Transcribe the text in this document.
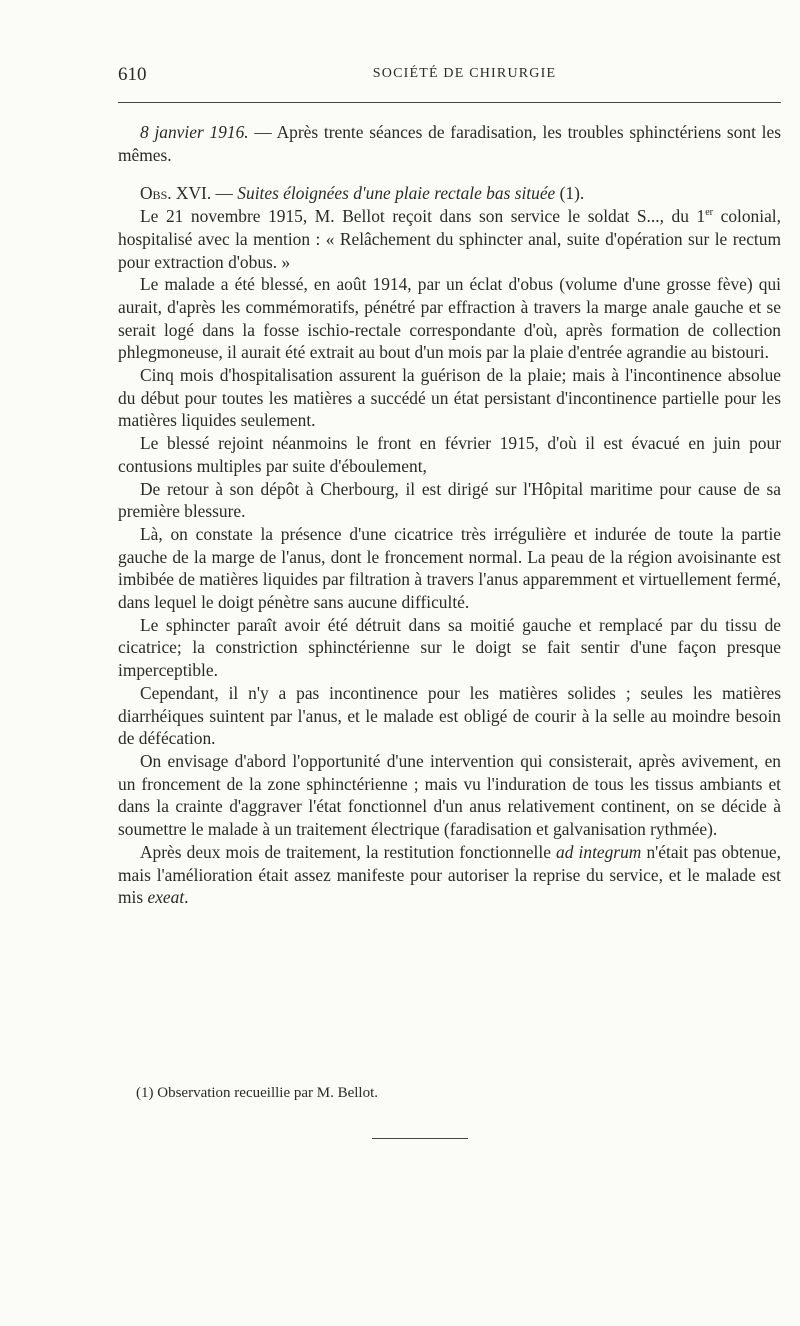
610	SOCIÉTÉ DE CHIRURGIE

8 janvier 1916. — Après trente séances de faradisation, les troubles sphinctériens sont les mêmes.

Obs. XVI. — Suites éloignées d'une plaie rectale bas située (1).

Le 21 novembre 1915, M. Bellot reçoit dans son service le soldat S..., du 1er colonial, hospitalisé avec la mention : « Relâchement du sphincter anal, suite d'opération sur le rectum pour extraction d'obus. »

Le malade a été blessé, en août 1914, par un éclat d'obus (volume d'une grosse fève) qui aurait, d'après les commémoratifs, pénétré par effraction à travers la marge anale gauche et se serait logé dans la fosse ischio-rectale correspondante d'où, après formation de collection phlegmoneuse, il aurait été extrait au bout d'un mois par la plaie d'entrée agrandie au bistouri.

Cinq mois d'hospitalisation assurent la guérison de la plaie; mais à l'incontinence absolue du début pour toutes les matières a succédé un état persistant d'incontinence partielle pour les matières liquides seulement.

Le blessé rejoint néanmoins le front en février 1915, d'où il est évacué en juin pour contusions multiples par suite d'éboulement,

De retour à son dépôt à Cherbourg, il est dirigé sur l'Hôpital maritime pour cause de sa première blessure.

Là, on constate la présence d'une cicatrice très irrégulière et indurée de toute la partie gauche de la marge de l'anus, dont le froncement normal. La peau de la région avoisinante est imbibée de matières liquides par filtration à travers l'anus apparemment et virtuellement fermé, dans lequel le doigt pénètre sans aucune difficulté.

Le sphincter paraît avoir été détruit dans sa moitié gauche et remplacé par du tissu de cicatrice; la constriction sphinctérienne sur le doigt se fait sentir d'une façon presque imperceptible.

Cependant, il n'y a pas incontinence pour les matières solides ; seules les matières diarrhéiques suintent par l'anus, et le malade est obligé de courir à la selle au moindre besoin de défécation.

On envisage d'abord l'opportunité d'une intervention qui consisterait, après avivement, en un froncement de la zone sphinctérienne ; mais vu l'induration de tous les tissus ambiants et dans la crainte d'aggraver l'état fonctionnel d'un anus relativement continent, on se décide à soumettre le malade à un traitement électrique (faradisation et galvanisation rythmée).

Après deux mois de traitement, la restitution fonctionnelle ad integrum n'était pas obtenue, mais l'amélioration était assez manifeste pour autoriser la reprise du service, et le malade est mis exeat.

(1) Observation recueillie par M. Bellot.
